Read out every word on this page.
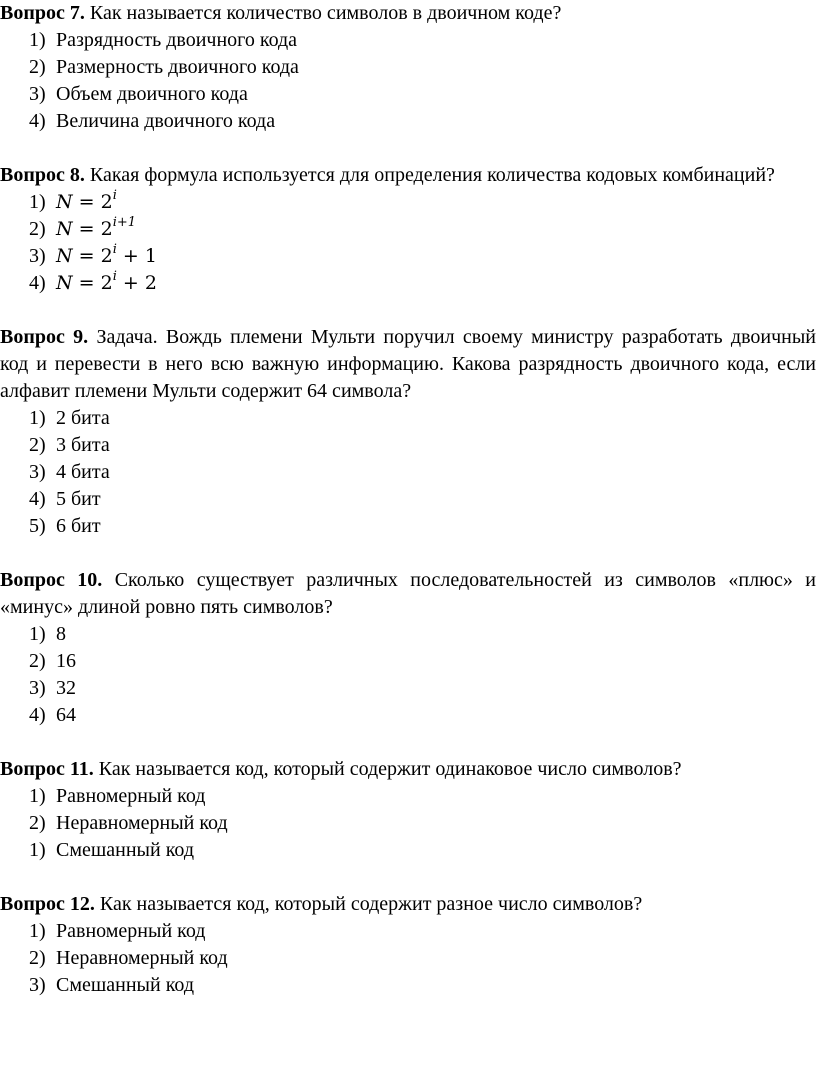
Вопрос 7. Как называется количество символов в двоичном коде?

1) Разрядность двоичного кода
2) Размерность двоичного кода
3) Объем двоичного кода
4) Величина двоичного кода

Вопрос 8. Какая формула используется для определения количества кодовых комбинаций?

1) $N = 2^i$
2) $N = 2^{i+1}$
3) $N = 2^i + 1$
4) $N = 2^i + 2$

Вопрос 9. Задача. Вождь племени Мульти поручил своему министру разработать двоичный код и перевести в него всю важную информацию. Какова разрядность двоичного кода, если алфавит племени Мульти содержит 64 символа?

1) 2 бита
2) 3 бита
3) 4 бита
4) 5 бит
5) 6 бит

Вопрос 10. Сколько существует различных последовательностей из символов «плюс» и «минус» длиной ровно пять символов?

1) 8
2) 16
3) 32
4) 64

Вопрос 11. Как называется код, который содержит одинаковое число символов?

1) Равномерный код
2) Неравномерный код
1) Смешанный код

Вопрос 12. Как называется код, который содержит разное число символов?

1) Равномерный код
2) Неравномерный код
3) Смешанный код
